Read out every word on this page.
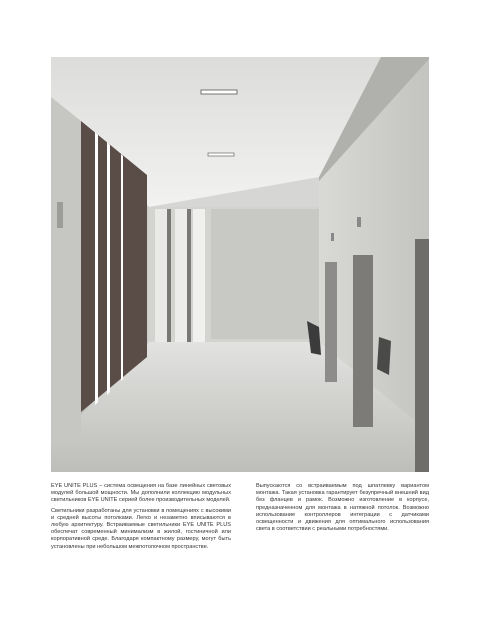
EYE UNITE PLUS – система освещения на базе линейных световых модулей большой мощности. Мы дополнили коллекцию модульных светильников EYE UNITE серией более производительных моделей.

Светильники разработаны для установки в помещениях с высокими и средней высоты потолками. Легко и незаметно вписываются в любую архитектуру. Встраиваемые светильники EYE UNITE PLUS обеспечат современный минимализм в жилой, гостиничной или корпоративной среде. Благодаря компактному размеру, могут быть установлены при небольшом межпотолочном пространстве.

Выпускаются со встраиваемым под шпатлевку вариантом монтажа. Такая установка гарантирует безупречный внешний вид без фланцев и рамок. Возможно изготовление в корпусе, предназначенном для монтажа в натяжной потолок. Возможно использование контроллеров интеграции с датчиками освещенности и движения для оптимального использования света в соответствии с реальными потребностями.
